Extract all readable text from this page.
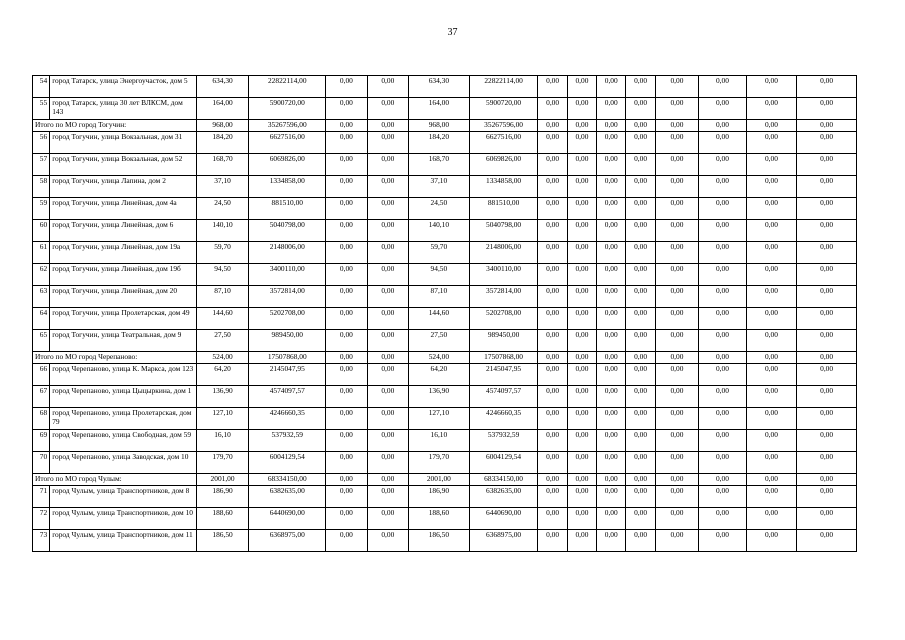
37
54	город Татарск, улица Энергоучасток, дом 5	634,30	22822114,00	0,00	0,00	634,30	22822114,00	0,00	0,00	0,00	0,00	0,00	0,00	0,00	0,00
55	город Татарск, улица 30 лет ВЛКСМ, дом 143	164,00	5900720,00	0,00	0,00	164,00	5900720,00	0,00	0,00	0,00	0,00	0,00	0,00	0,00	0,00
Итого по МО город Тогучин:		968,00	35267596,00	0,00	0,00	968,00	35267596,00	0,00	0,00	0,00	0,00	0,00	0,00	0,00	0,00
56	город Тогучин, улица Вокзальная, дом 31	184,20	6627516,00	0,00	0,00	184,20	6627516,00	0,00	0,00	0,00	0,00	0,00	0,00	0,00	0,00
57	город Тогучин, улица Вокзальная, дом 52	168,70	6069826,00	0,00	0,00	168,70	6069826,00	0,00	0,00	0,00	0,00	0,00	0,00	0,00	0,00
58	город Тогучин, улица Лапина, дом 2	37,10	1334858,00	0,00	0,00	37,10	1334858,00	0,00	0,00	0,00	0,00	0,00	0,00	0,00	0,00
59	город Тогучин, улица Линейная, дом 4а	24,50	881510,00	0,00	0,00	24,50	881510,00	0,00	0,00	0,00	0,00	0,00	0,00	0,00	0,00
60	город Тогучин, улица Линейная, дом 6	140,10	5040798,00	0,00	0,00	140,10	5040798,00	0,00	0,00	0,00	0,00	0,00	0,00	0,00	0,00
61	город Тогучин, улица Линейная, дом 19а	59,70	2148006,00	0,00	0,00	59,70	2148006,00	0,00	0,00	0,00	0,00	0,00	0,00	0,00	0,00
62	город Тогучин, улица Линейная, дом 19б	94,50	3400110,00	0,00	0,00	94,50	3400110,00	0,00	0,00	0,00	0,00	0,00	0,00	0,00	0,00
63	город Тогучин, улица Линейная, дом 20	87,10	3572814,00	0,00	0,00	87,10	3572814,00	0,00	0,00	0,00	0,00	0,00	0,00	0,00	0,00
64	город Тогучин, улица Пролетарская, дом 49	144,60	5202708,00	0,00	0,00	144,60	5202708,00	0,00	0,00	0,00	0,00	0,00	0,00	0,00	0,00
65	город Тогучин, улица Театральная, дом 9	27,50	989450,00	0,00	0,00	27,50	989450,00	0,00	0,00	0,00	0,00	0,00	0,00	0,00	0,00
Итого по МО город Черепаново:		524,00	17507868,00	0,00	0,00	524,00	17507868,00	0,00	0,00	0,00	0,00	0,00	0,00	0,00	0,00
66	город Черепаново, улица К. Маркса, дом 123	64,20	2145047,95	0,00	0,00	64,20	2145047,95	0,00	0,00	0,00	0,00	0,00	0,00	0,00	0,00
67	город Черепаново, улица Цыцыркина, дом 1	136,90	4574097,57	0,00	0,00	136,90	4574097,57	0,00	0,00	0,00	0,00	0,00	0,00	0,00	0,00
68	город Черепаново, улица Пролетарская, дом 79	127,10	4246660,35	0,00	0,00	127,10	4246660,35	0,00	0,00	0,00	0,00	0,00	0,00	0,00	0,00
69	город Черепаново, улица Свободная, дом 59	16,10	537932,59	0,00	0,00	16,10	537932,59	0,00	0,00	0,00	0,00	0,00	0,00	0,00	0,00
70	город Черепаново, улица Заводская, дом 10	179,70	6004129,54	0,00	0,00	179,70	6004129,54	0,00	0,00	0,00	0,00	0,00	0,00	0,00	0,00
Итого по МО город Чулым:		2001,00	68334150,00	0,00	0,00	2001,00	68334150,00	0,00	0,00	0,00	0,00	0,00	0,00	0,00	0,00
71	город Чулым, улица Транспортников, дом 8	186,90	6382635,00	0,00	0,00	186,90	6382635,00	0,00	0,00	0,00	0,00	0,00	0,00	0,00	0,00
72	город Чулым, улица Транспортников, дом 10	188,60	6440690,00	0,00	0,00	188,60	6440690,00	0,00	0,00	0,00	0,00	0,00	0,00	0,00	0,00
73	город Чулым, улица Транспортников, дом 11	186,50	6368975,00	0,00	0,00	186,50	6368975,00	0,00	0,00	0,00	0,00	0,00	0,00	0,00	0,00
